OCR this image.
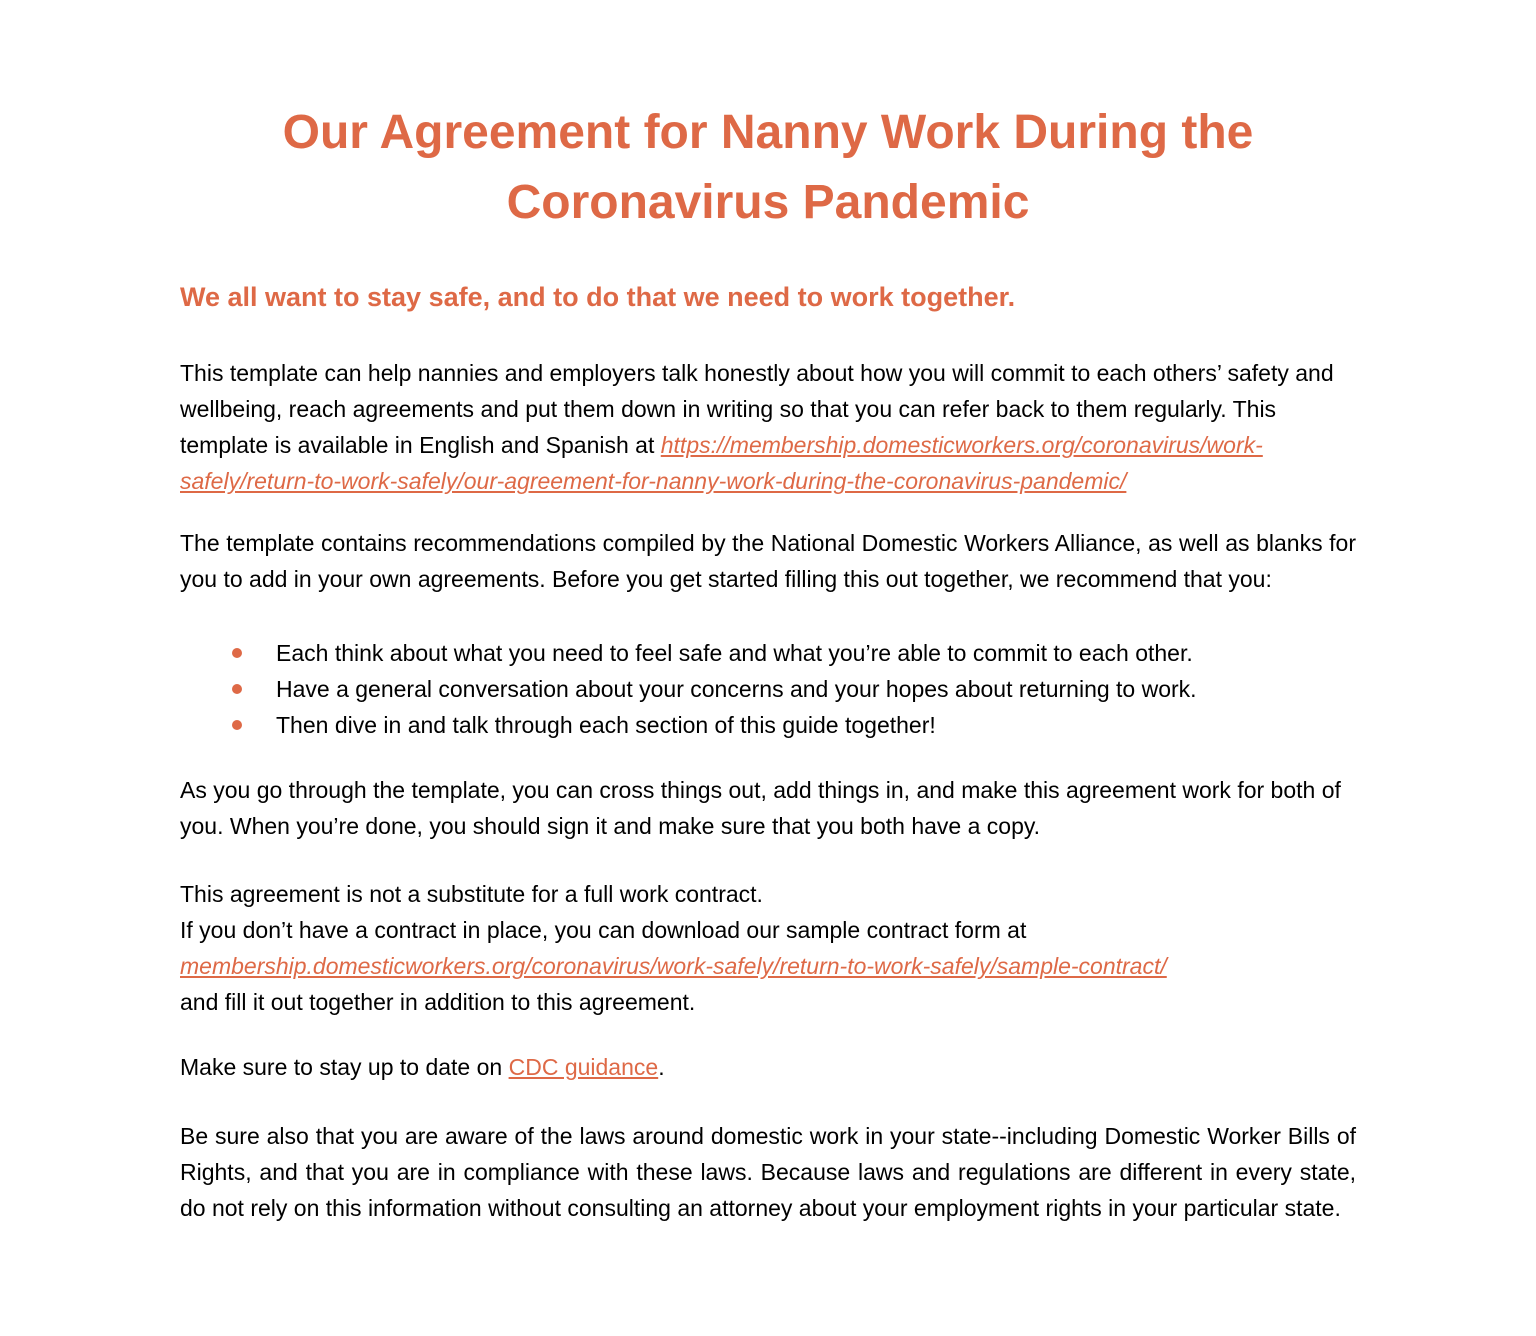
Our Agreement for Nanny Work During the Coronavirus Pandemic

We all want to stay safe, and to do that we need to work together.

This template can help nannies and employers talk honestly about how you will commit to each others’ safety and wellbeing, reach agreements and put them down in writing so that you can refer back to them regularly. This template is available in English and Spanish at https://membership.domesticworkers.org/coronavirus/work-safely/return-to-work-safely/our-agreement-for-nanny-work-during-the-coronavirus-pandemic/

The template contains recommendations compiled by the National Domestic Workers Alliance, as well as blanks for you to add in your own agreements. Before you get started filling this out together, we recommend that you:

Each think about what you need to feel safe and what you’re able to commit to each other.
Have a general conversation about your concerns and your hopes about returning to work.
Then dive in and talk through each section of this guide together!

As you go through the template, you can cross things out, add things in, and make this agreement work for both of you. When you’re done, you should sign it and make sure that you both have a copy.

This agreement is not a substitute for a full work contract.
If you don’t have a contract in place, you can download our sample contract form at
membership.domesticworkers.org/coronavirus/work-safely/return-to-work-safely/sample-contract/
and fill it out together in addition to this agreement.

Make sure to stay up to date on CDC guidance.

Be sure also that you are aware of the laws around domestic work in your state--including Domestic Worker Bills of Rights, and that you are in compliance with these laws. Because laws and regulations are different in every state, do not rely on this information without consulting an attorney about your employment rights in your particular state.
